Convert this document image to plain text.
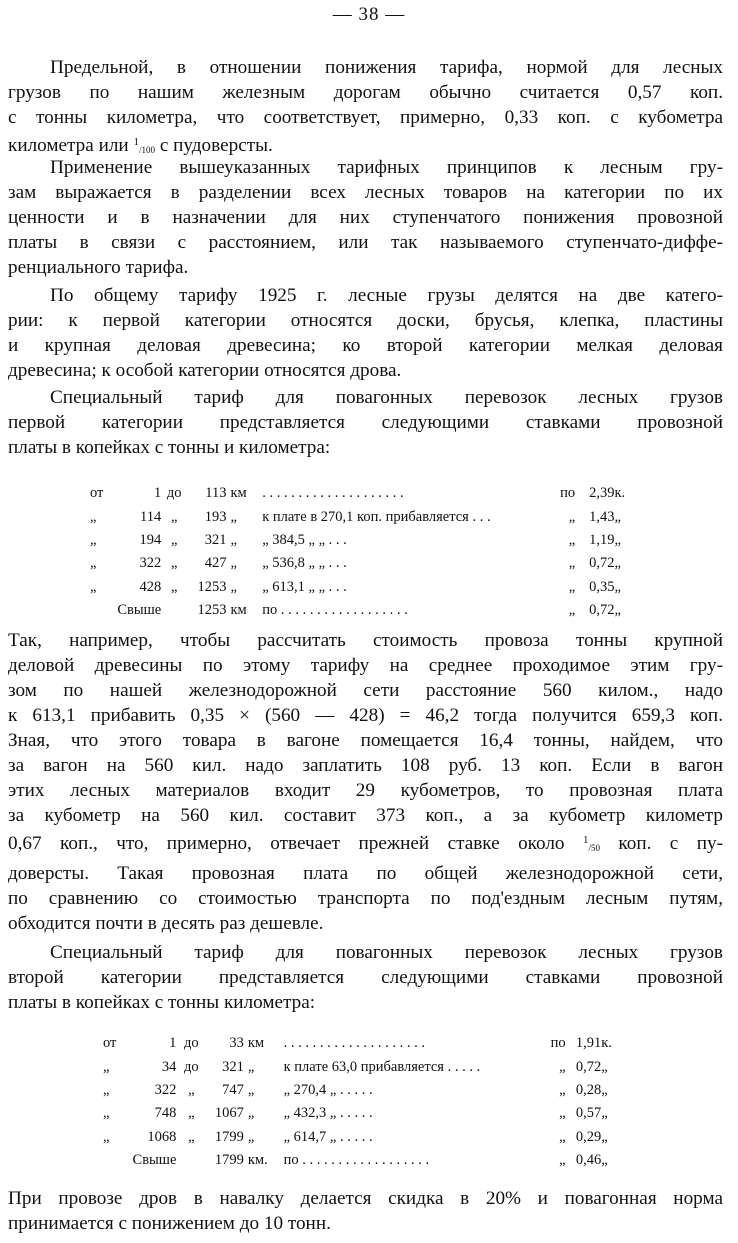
— 38 —
Предельной, в отношении понижения тарифа, нормой для лесных
грузов по нашим железным дорогам обычно считается 0,57 коп.
с тонны километра, что соответствует, примерно, 0,33 коп. с кубометра
километра или $^1$/100 с пудоверсты.
Применение вышеуказанных тарифных принципов к лесным гру-
зам выражается в разделении всех лесных товаров на категории по их
ценности и в назначении для них ступенчатого понижения провозной
платы в связи с расстоянием, или так называемого ступенчато-диффе-
ренциального тарифа.
По общему тарифу 1925 г. лесные грузы делятся на две катего-
рии: к первой категории относятся доски, брусья, клепка, пластины
и крупная деловая древесина; ко второй категории мелкая деловая
древесина; к особой категории относятся дрова.
Специальный тариф для повагонных перевозок лесных грузов
первой категории представляется следующими ставками провозной
платы в копейках с тонны и километра:
от	1	до	113	км	. . . . . . . . . . . . . . . . . . . .	по	2,39	к.
„	114	„	193	„	к плате в 270,1 коп. прибавляется . . .	„	1,43	„
„	194	„	321	„	„ 384,5 „ „ . . .	„	1,19	„
„	322	„	427	„	„ 536,8 „ „ . . .	„	0,72	„
„	428	„	1253	„	„ 613,1 „ „ . . .	„	0,35	„
	Свыше		1253	км	по . . . . . . . . . . . . . . . . . .	„	0,72	„
Так, например, чтобы рассчитать стоимость провоза тонны крупной
деловой древесины по этому тарифу на среднее проходимое этим гру-
зом по нашей железнодорожной сети расстояние 560 килом., надо
к 613,1 прибавить 0,35 × (560 — 428) = 46,2 тогда получится 659,3 коп.
Зная, что этого товара в вагоне помещается 16,4 тонны, найдем, что
за вагон на 560 кил. надо заплатить 108 руб. 13 коп. Если в вагон
этих лесных материалов входит 29 кубометров, то провозная плата
за кубометр на 560 кил. составит 373 коп., а за кубометр километр
0,67 коп., что, примерно, отвечает прежней ставке около $^1$/50 коп. с пу-
доверсты. Такая провозная плата по общей железнодорожной сети,
по сравнению со стоимостью транспорта по под'ездным лесным путям,
обходится почти в десять раз дешевле.
Специальный тариф для повагонных перевозок лесных грузов
второй категории представляется следующими ставками провозной
платы в копейках с тонны километра:
от	1	до	33	км	. . . . . . . . . . . . . . . . . . . .	по	1,91	к.
„	34	до	321	„	к плате 63,0 прибавляется . . . . .	„	0,72	„
„	322	„	747	„	„ 270,4 „ . . . . .	„	0,28	„
„	748	„	1067	„	„ 432,3 „ . . . . .	„	0,57	„
„	1068	„	1799	„	„ 614,7 „ . . . . .	„	0,29	„
	Свыше		1799	км.	по . . . . . . . . . . . . . . . . . .	„	0,46	„
При провозе дров в навалку делается скидка в 20% и повагонная норма
принимается с понижением до 10 тонн.
